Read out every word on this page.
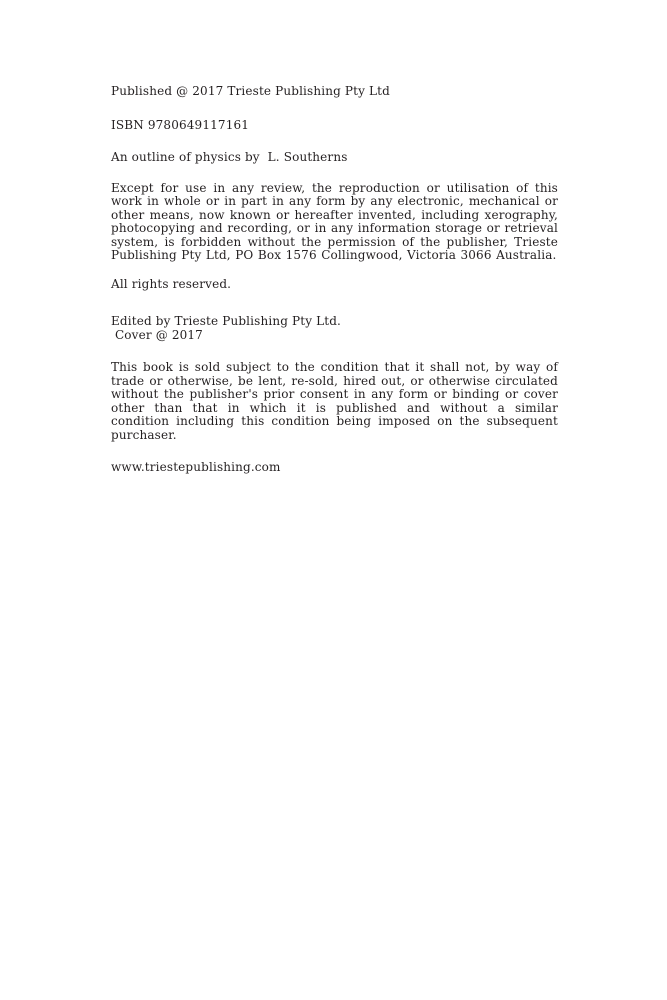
Published @ 2017 Trieste Publishing Pty Ltd
ISBN 9780649117161
An outline of physics by  L. Southerns
Except for use in any review, the reproduction or utilisation of this work in whole or in part in any form by any electronic, mechanical or other means, now known or hereafter invented, including xerography, photocopying and recording, or in any information storage or retrieval system, is forbidden without the permission of the publisher, Trieste Publishing Pty Ltd, PO Box 1576 Collingwood, Victoria 3066 Australia.
All rights reserved.
Edited by Trieste Publishing Pty Ltd.
Cover @ 2017
This book is sold subject to the condition that it shall not, by way of trade or otherwise, be lent, re-sold, hired out, or otherwise circulated without the publisher's prior consent in any form or binding or cover other than that in which it is published and without a similar condition including this condition being imposed on the subsequent purchaser.
www.triestepublishing.com
